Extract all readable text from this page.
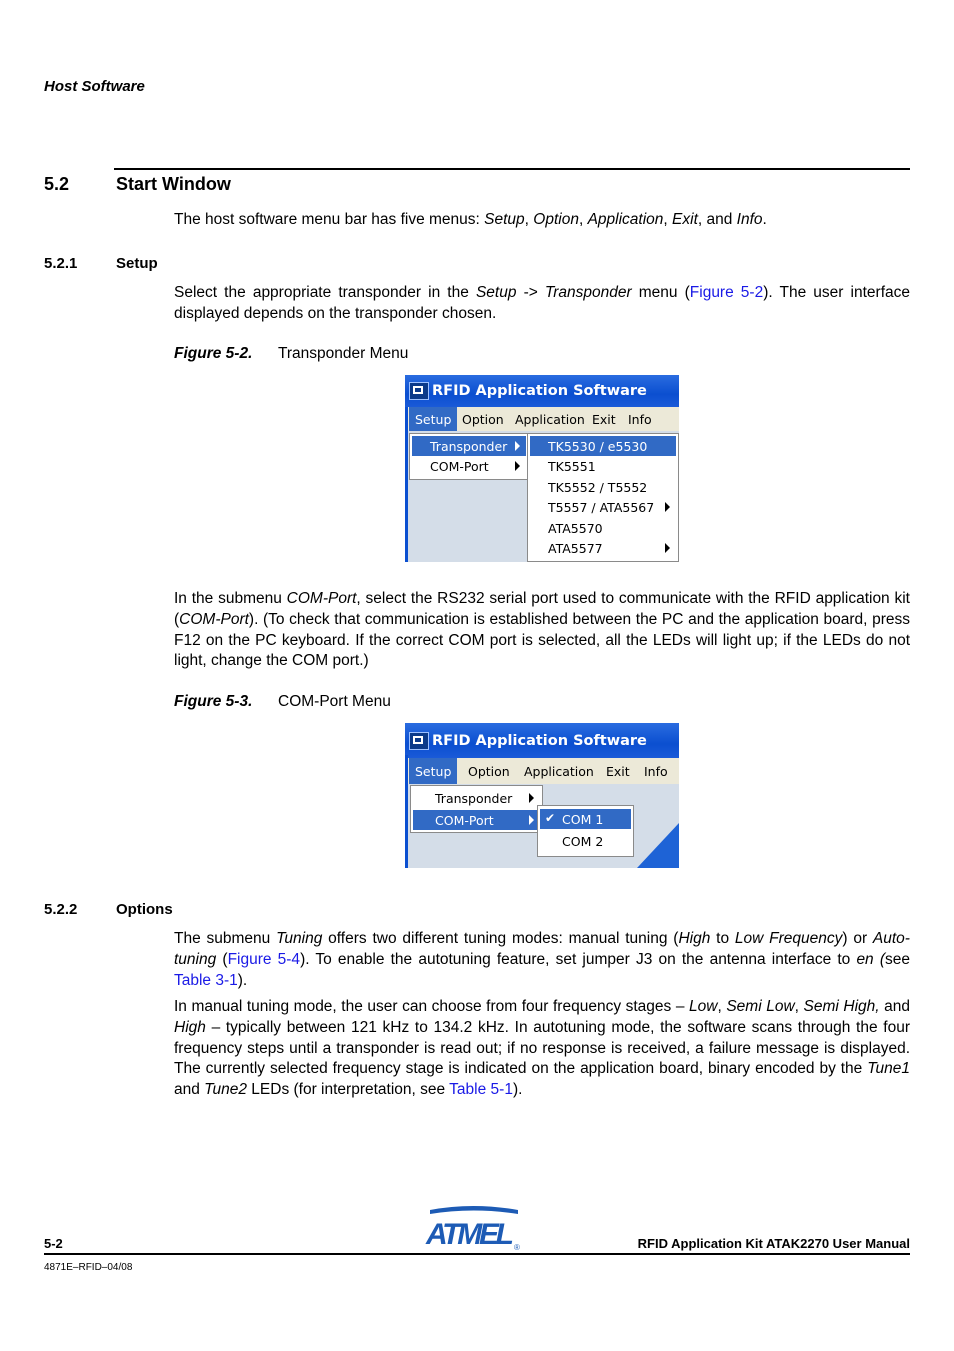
Host Software
5.2	Start Window
The host software menu bar has five menus: Setup, Option, Application, Exit, and Info.
5.2.1	Setup
Select the appropriate transponder in the Setup -> Transponder menu (Figure 5-2). The user interface displayed depends on the transponder chosen.
Figure 5-2. Transponder Menu
RFID Application Software
Setup Option Application Exit Info
Transponder
COM-Port
TK5530 / e5530
TK5551
TK5552 / T5552
T5557 / ATA5567
ATA5570
ATA5577
In the submenu COM-Port, select the RS232 serial port used to communicate with the RFID application kit (COM-Port). (To check that communication is established between the PC and the application board, press F12 on the PC keyboard. If the correct COM port is selected, all the LEDs will light up; if the LEDs do not light, change the COM port.)
Figure 5-3. COM-Port Menu
RFID Application Software
Setup	Option	Application Exit	Info
Transponder
COM-Port	✔ COM 1
COM 2
5.2.2	Options
The submenu Tuning offers two different tuning modes: manual tuning (High to Low Frequency) or Auto-tuning (Figure 5-4). To enable the autotuning feature, set jumper J3 on the antenna interface to en (see Table 3-1).
In manual tuning mode, the user can choose from four frequency stages – Low, Semi Low, Semi High, and High – typically between 121 kHz to 134.2 kHz. In autotuning mode, the software scans through the four frequency steps until a transponder is read out; if no response is received, a failure message is displayed. The currently selected frequency stage is indicated on the application board, binary encoded by the Tune1 and Tune2 LEDs (for interpretation, see Table 5-1).
ATMEL ®
5-2	RFID Application Kit ATAK2270 User Manual
4871E–RFID–04/08
